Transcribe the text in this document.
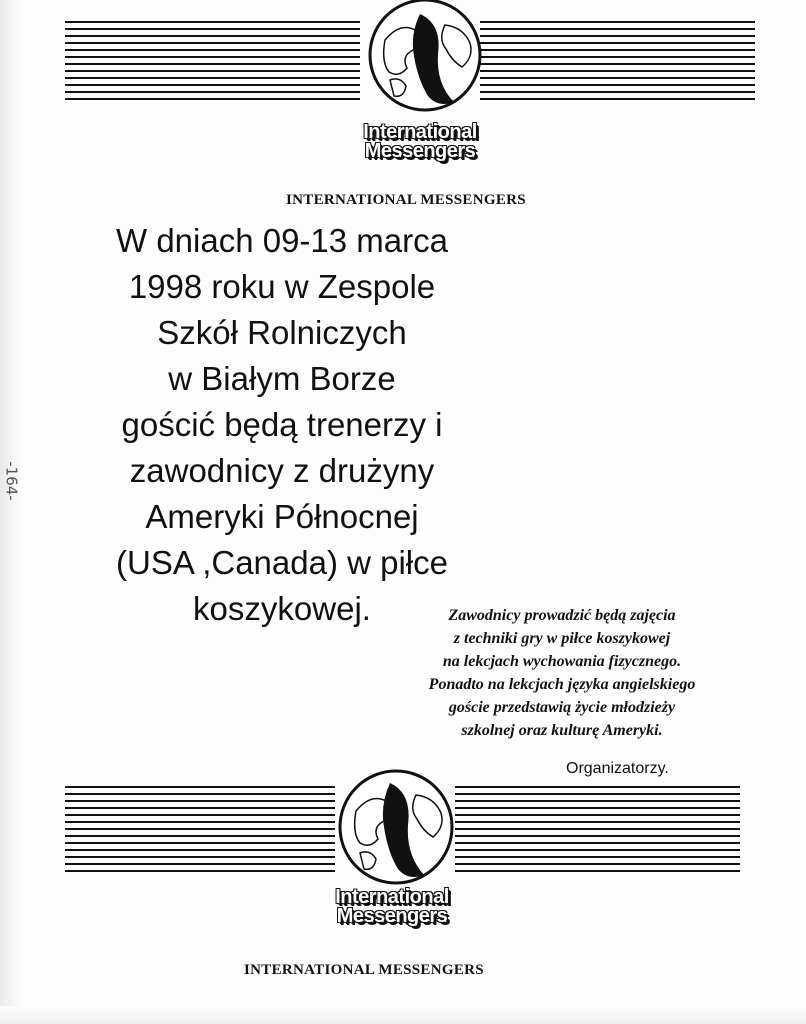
International
Messengers
INTERNATIONAL MESSENGERS
W dniach 09-13 marca
1998 roku w Zespole
Szkół Rolniczych
w Białym Borze
gościć będą trenerzy i
zawodnicy z drużyny
Ameryki Północnej
(USA ,Canada) w piłce
koszykowej.	Zawodnicy prowadzić będą zajęcia
z techniki gry w piłce koszykowej
na lekcjach wychowania fizycznego.
Ponadto na lekcjach języka angielskiego
goście przedstawią życie młodzieży
szkolnej oraz kulturę Ameryki.
Organizatorzy.
-164-
International
Messengers
INTERNATIONAL MESSENGERS
